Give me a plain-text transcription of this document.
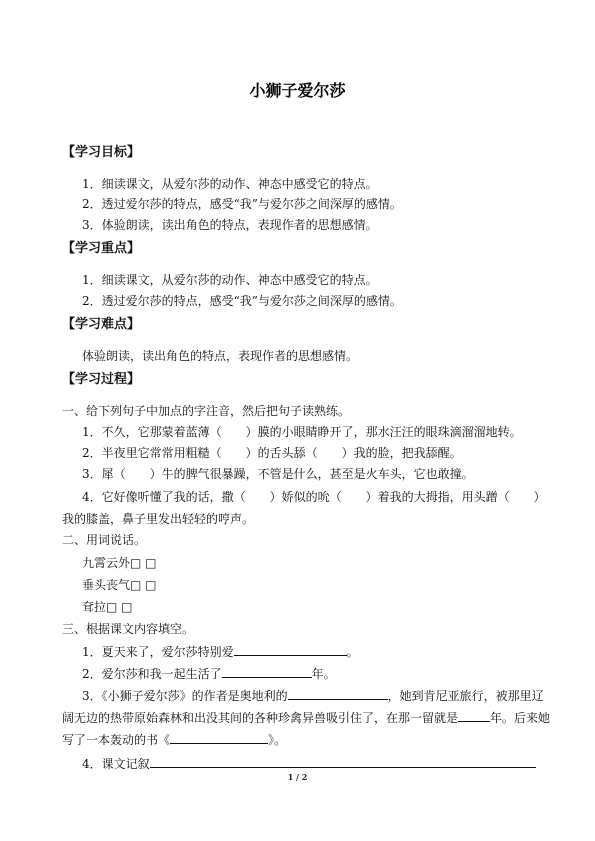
小狮子爱尔莎
【学习目标】
1．细读课文，从爱尔莎的动作、神态中感受它的特点。
2．透过爱尔莎的特点，感受“我”与爱尔莎之间深厚的感情。
3．体验朗读，读出角色的特点，表现作者的思想感情。
【学习重点】
1．细读课文，从爱尔莎的动作、神态中感受它的特点。
2．透过爱尔莎的特点，感受“我”与爱尔莎之间深厚的感情。
【学习难点】
体验朗读，读出角色的特点，表现作者的思想感情。
【学习过程】
一、给下列句子中加点的字注音，然后把句子读熟练。
1．不久，它那蒙着蓝薄（　　）膜的小眼睛睁开了，那水汪汪的眼珠滴溜溜地转。
2．半夜里它常常用粗糙（　　）的舌头舔（　　）我的脸，把我舔醒。
3．犀（　　）牛的脾气很暴躁，不管是什么，甚至是火车头，它也敢撞。
4．它好像听懂了我的话，撒（　　）娇似的吮（　　）着我的大拇指，用头蹭（　　）
我的膝盖，鼻子里发出轻轻的哼声。
二、用词说话。
九霄云外□ □
垂头丧气□ □
耷拉□ □
三、根据课文内容填空。
1．夏天来了，爱尔莎特别爱	。
2．爱尔莎和我一起生活了	年。
3．《小狮子爱尔莎》的作者是奥地利的	，她到肯尼亚旅行，被那里辽
阔无边的热带原始森林和出没其间的各种珍禽异兽吸引住了，在那一留就是	年。后来她
写了一本轰动的书《	》。
4．课文记叙
1 / 2
